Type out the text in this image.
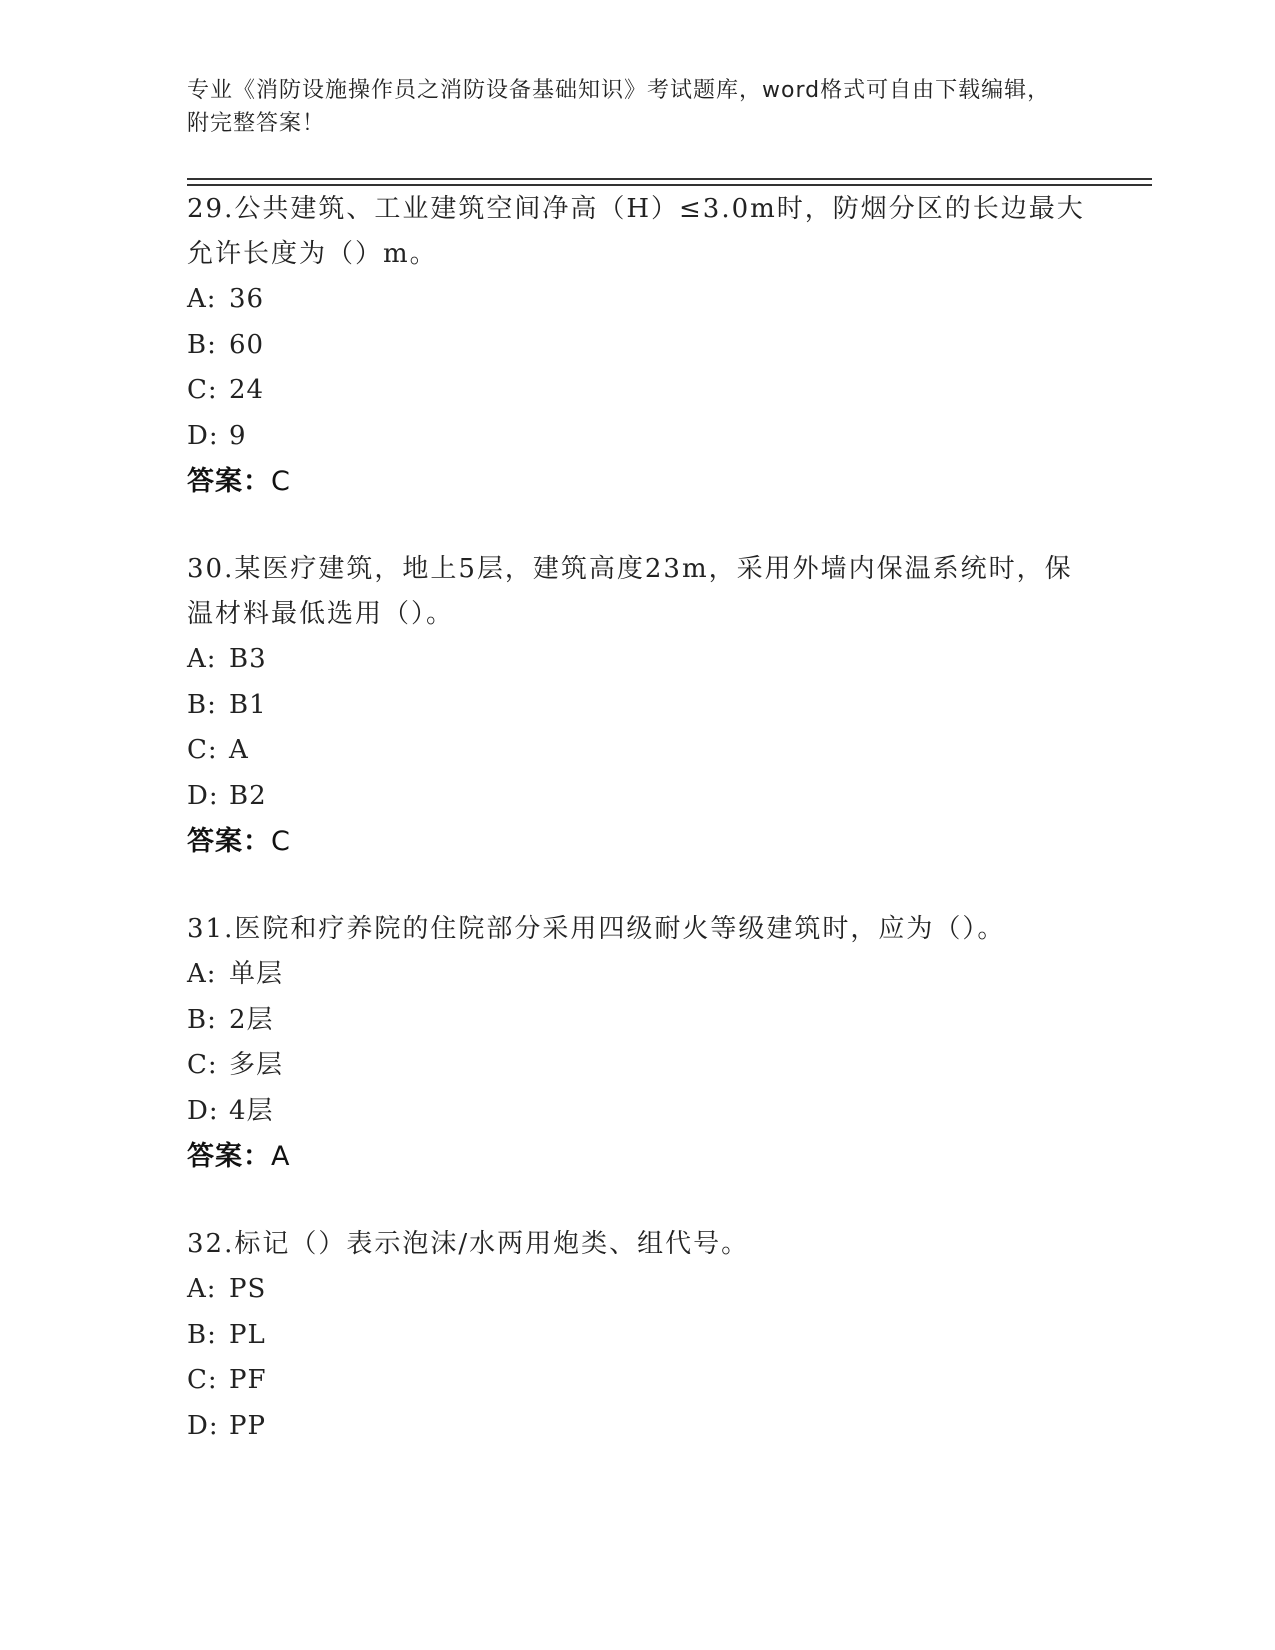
专业《消防设施操作员之消防设备基础知识》考试题库，word格式可自由下载编辑，附完整答案！

29.公共建筑、工业建筑空间净高（H）≤3.0m时，防烟分区的长边最大允许长度为（）m。

A: 36
B: 60
C: 24
D: 9
答案：C

30.某医疗建筑，地上5层，建筑高度23m，采用外墙内保温系统时，保温材料最低选用（）。

A: B3
B: B1
C: A
D: B2
答案：C

31.医院和疗养院的住院部分采用四级耐火等级建筑时，应为（）。

A: 单层
B: 2层
C: 多层
D: 4层
答案：A

32.标记（）表示泡沫/水两用炮类、组代号。

A: PS
B: PL
C: PF
D: PP
